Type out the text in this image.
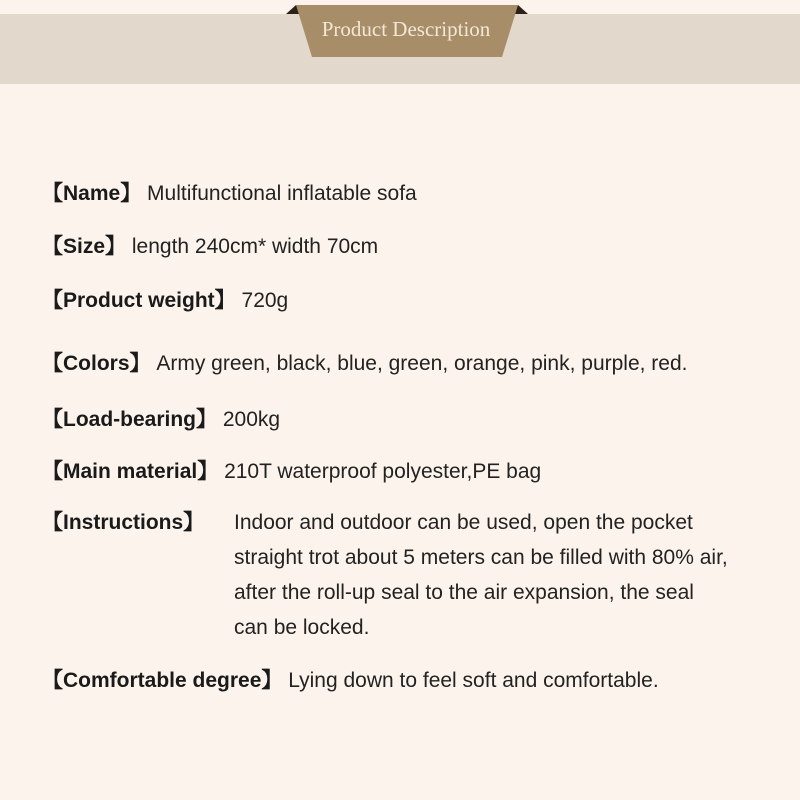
Product Description
【Name】 Multifunctional inflatable sofa
【Size】 length 240cm* width 70cm
【Product weight】 720g
【Colors】 Army green, black, blue, green, orange, pink, purple, red.
【Load-bearing】 200kg
【Main material】 210T waterproof polyester,PE bag
【Instructions】 Indoor and outdoor can be used, open the pocket
straight trot about 5 meters can be filled with 80% air,
after the roll-up seal to the air expansion, the seal
can be locked.
【Comfortable degree】 Lying down to feel soft and comfortable.
